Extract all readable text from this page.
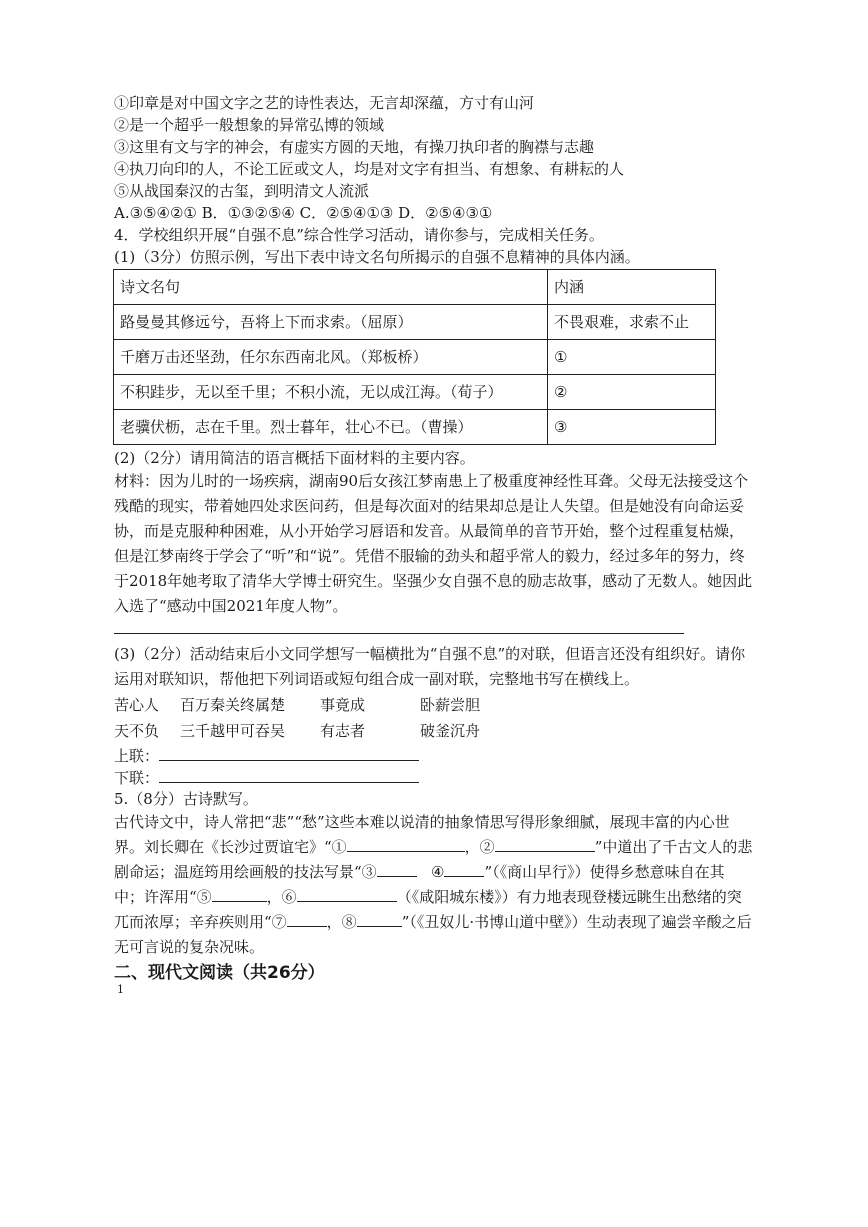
①印章是对中国文字之艺的诗性表达，无言却深蕴，方寸有山河
②是一个超乎一般想象的异常弘博的领域
③这里有文与字的神会，有虚实方圆的天地，有操刀执印者的胸襟与志趣
④执刀向印的人，不论工匠或文人，均是对文字有担当、有想象、有耕耘的人
⑤从战国秦汉的古玺，到明清文人流派
A.③⑤④②① B．①③②⑤④ C．②⑤④①③ D．②⑤④③①
4．学校组织开展“自强不息”综合性学习活动，请你参与，完成相关任务。
(1)（3分）仿照示例，写出下表中诗文名句所揭示的自强不息精神的具体内涵。
诗文名句	内涵
路曼曼其修远兮，吾将上下而求索。（屈原）	不畏艰难，求索不止
千磨万击还坚劲，任尔东西南北风。（郑板桥）	①
不积跬步，无以至千里；不积小流，无以成江海。（荀子）	②
老骥伏枥，志在千里。烈士暮年，壮心不已。（曹操）	③
(2)（2分）请用简洁的语言概括下面材料的主要内容。
材料：因为儿时的一场疾病，湖南90后女孩江梦南患上了极重度神经性耳聋。父母无法接受这个残酷的现实，带着她四处求医问药，但是每次面对的结果却总是让人失望。但是她没有向命运妥协，而是克服种种困难，从小开始学习唇语和发音。从最简单的音节开始，整个过程重复枯燥，但是江梦南终于学会了“听”和“说”。凭借不服输的劲头和超乎常人的毅力，经过多年的努力，终于2018年她考取了清华大学博士研究生。坚强少女自强不息的励志故事，感动了无数人。她因此入选了“感动中国2021年度人物”。
(3)（2分）活动结束后小文同学想写一幅横批为“自强不息”的对联，但语言还没有组织好。请你运用对联知识，帮他把下列词语或短句组合成一副对联，完整地书写在横线上。
苦心人	百万秦关终属楚	事竟成	卧薪尝胆
天不负	三千越甲可吞吴	有志者	破釜沉舟
上联：
下联：
5.（8分）古诗默写。
古代诗文中，诗人常把“悲”“愁”这些本难以说清的抽象情思写得形象细腻，展现丰富的内心世界。刘长卿在《长沙过贾谊宅》“①	，②	”中道出了千古文人的悲剧命运；温庭筠用绘画般的技法写景“③	④	”（《商山早行》）使得乡愁意味自在其中；许浑用“⑤	，⑥	（《咸阳城东楼》）有力地表现登楼远眺生出愁绪的突兀而浓厚；辛弃疾则用“⑦	，⑧	”（《丑奴儿·书博山道中壁》）生动表现了遍尝辛酸之后无可言说的复杂况味。
二、现代文阅读（共26分）
1
